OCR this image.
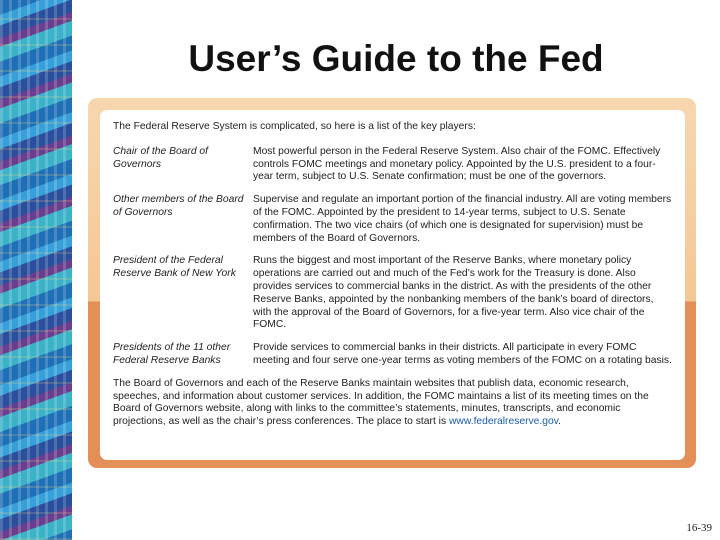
User’s Guide to the Fed

The Federal Reserve System is complicated, so here is a list of the key players:

Chair of the Board of Governors
Most powerful person in the Federal Reserve System. Also chair of the FOMC. Effectively controls FOMC meetings and monetary policy. Appointed by the U.S. president to a four-year term, subject to U.S. Senate confirmation; must be one of the governors.
Other members of the Board of Governors
Supervise and regulate an important portion of the financial industry. All are voting members of the FOMC. Appointed by the president to 14-year terms, subject to U.S. Senate confirmation. The two vice chairs (of which one is designated for supervision) must be members of the Board of Governors.
President of the Federal Reserve Bank of New York
Runs the biggest and most important of the Reserve Banks, where monetary policy operations are carried out and much of the Fed’s work for the Treasury is done. Also provides services to commercial banks in the district. As with the presidents of the other Reserve Banks, appointed by the nonbanking members of the bank’s board of directors, with the approval of the Board of Governors, for a five-year term. Also vice chair of the FOMC.
Presidents of the 11 other Federal Reserve Banks
Provide services to commercial banks in their districts. All participate in every FOMC meeting and four serve one-year terms as voting members of the FOMC on a rotating basis.

The Board of Governors and each of the Reserve Banks maintain websites that publish data, economic research, speeches, and information about customer services. In addition, the FOMC maintains a list of its meeting times on the Board of Governors website, along with links to the committee’s statements, minutes, transcripts, and economic projections, as well as the chair’s press conferences. The place to start is www.federalreserve.gov.

16-39
